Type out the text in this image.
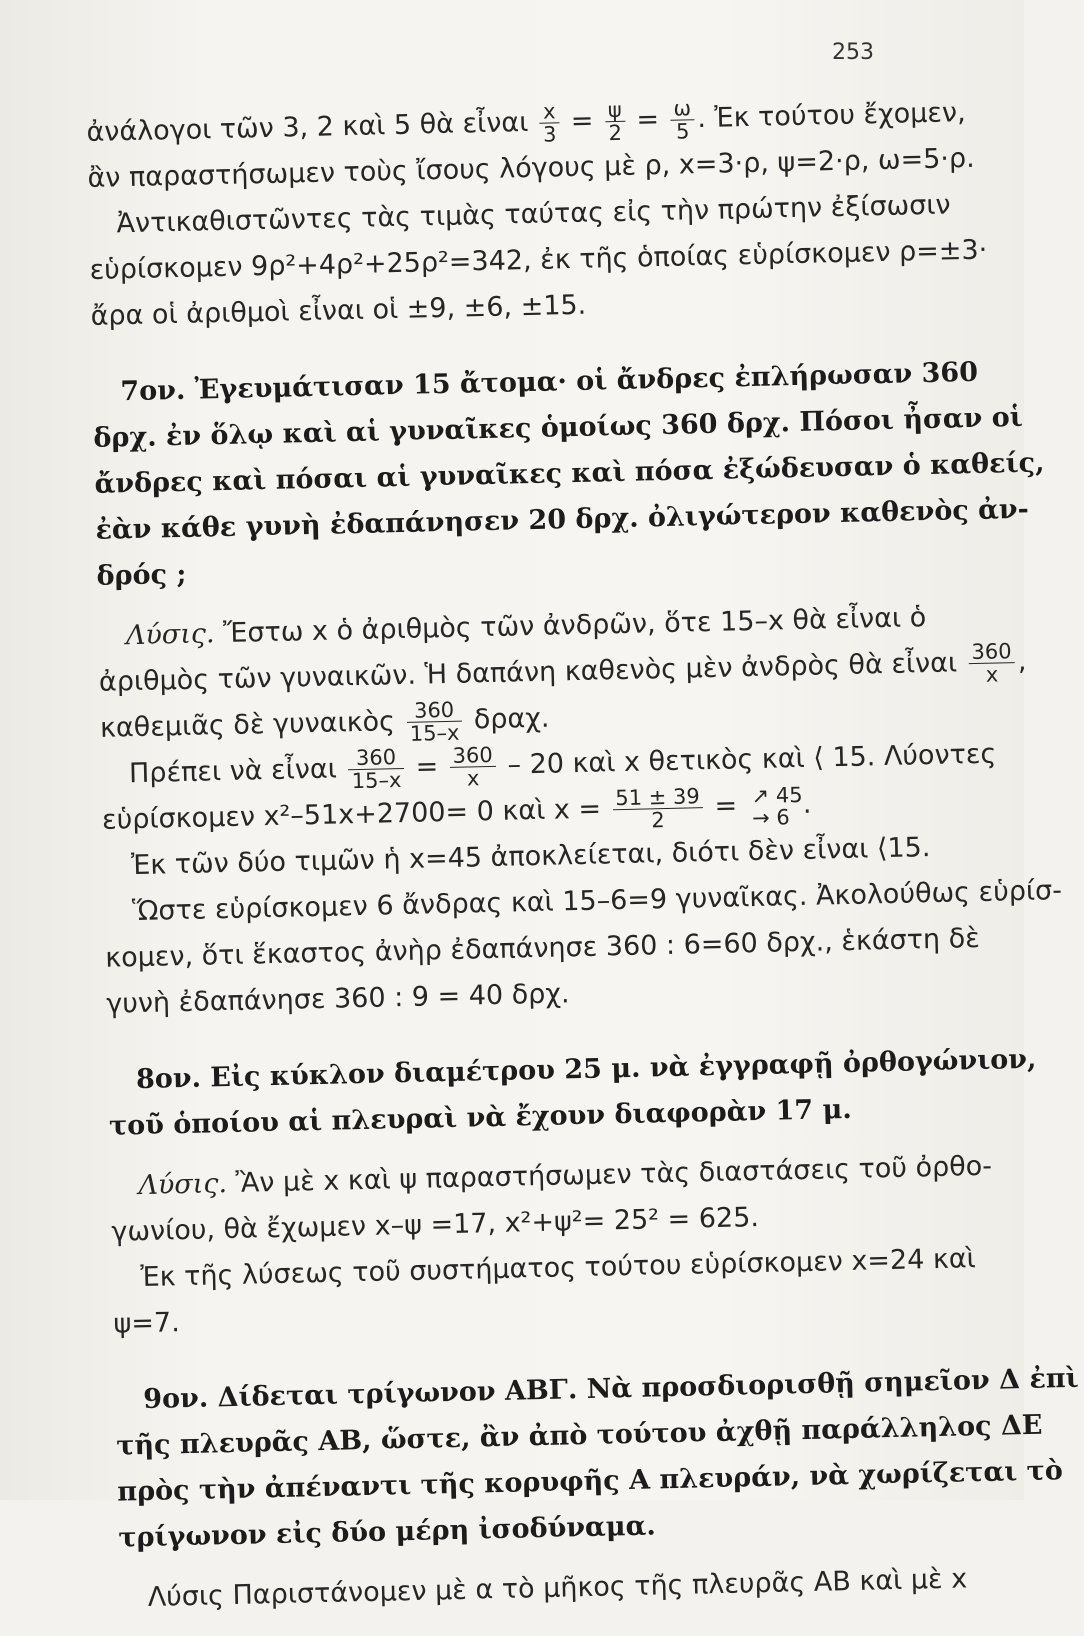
253
ἀνάλογοι τῶν 3, 2 καὶ 5 θὰ εἶναι $\frac{x}{3} = \frac{\psi}{2} = \frac{\omega}{5}$ . Ἐκ τούτου ἔχομεν,
ἂν παραστήσωμεν τοὺς ἴσους λόγους μὲ ρ, x=3·ρ, ψ=2·ρ, ω=5·ρ.
Ἀντικαθιστῶντες τὰς τιμὰς ταύτας εἰς τὴν πρώτην ἐξίσωσιν
εὑρίσκομεν 9ρ²+4ρ²+25ρ²=342, ἐκ τῆς ὁποίας εὑρίσκομεν ρ=±3·
ἄρα οἱ ἀριθμοὶ εἶναι οἱ ±9, ±6, ±15.
7ον. Ἐγευμάτισαν 15 ἄτομα· οἱ ἄνδρες ἐπλήρωσαν 360
δρχ. ἐν ὅλῳ καὶ αἱ γυναῖκες ὁμοίως 360 δρχ. Πόσοι ἦσαν οἱ
ἄνδρες καὶ πόσαι αἱ γυναῖκες καὶ πόσα ἐξώδευσαν ὁ καθείς,
ἐὰν κάθε γυνὴ ἐδαπάνησεν 20 δρχ. ὀλιγώτερον καθενὸς ἀν-
δρός ;
Λύσις. Ἔστω x ὁ ἀριθμὸς τῶν ἀνδρῶν, ὅτε 15–x θὰ εἶναι ὁ
ἀριθμὸς τῶν γυναικῶν. Ἡ δαπάνη καθενὸς μὲν ἀνδρὸς θὰ εἶναι $\frac{360}{x}$ ,
καθεμιᾶς δὲ γυναικὸς $\frac{360}{15-x} \delta\rho\alpha\chi$.
Πρέπει νὰ εἶναι $\frac{360}{15-x} = \frac{360}{x} - 20$ καὶ x θετικὸς καὶ ⟨ 15. Λύοντες
εὑρίσκομεν x²–51x+2700= 0 καὶ $x = \frac{51 \pm 39}{2}$ = ↗ 45
→ 6 .
Ἐκ τῶν δύο τιμῶν ἡ x=45 ἀποκλείεται, διότι δὲν εἶναι ⟨15.
Ὥστε εὑρίσκομεν 6 ἄνδρας καὶ 15–6=9 γυναῖκας. Ἀκολούθως εὑρίσ-
κομεν, ὅτι ἕκαστος ἀνὴρ ἐδαπάνησε 360 : 6=60 δρχ., ἑκάστη δὲ
γυνὴ ἐδαπάνησε 360 : 9 = 40 δρχ.
8ον. Εἰς κύκλον διαμέτρου 25 μ. νὰ ἐγγραφῇ ὀρθογώνιον,
τοῦ ὁποίου αἱ πλευραὶ νὰ ἔχουν διαφορὰν 17 μ.
Λύσις. Ἂν μὲ x καὶ ψ παραστήσωμεν τὰς διαστάσεις τοῦ ὀρθο-
γωνίου, θὰ ἔχωμεν x–ψ =17, x²+ψ²= 25² = 625.
Ἐκ τῆς λύσεως τοῦ συστήματος τούτου εὑρίσκομεν x=24 καὶ
ψ=7.
9ον. Δίδεται τρίγωνον ΑΒΓ. Νὰ προσδιορισθῇ σημεῖον Δ ἐπὶ
τῆς πλευρᾶς ΑΒ, ὥστε, ἂν ἀπὸ τούτου ἀχθῇ παράλληλος ΔΕ
πρὸς τὴν ἀπέναντι τῆς κορυφῆς Α πλευράν, νὰ χωρίζεται τὸ
τρίγωνον εἰς δύο μέρη ἰσοδύναμα.
Λύσις Παριστάνομεν μὲ α τὸ μῆκος τῆς πλευρᾶς ΑΒ καὶ μὲ x
